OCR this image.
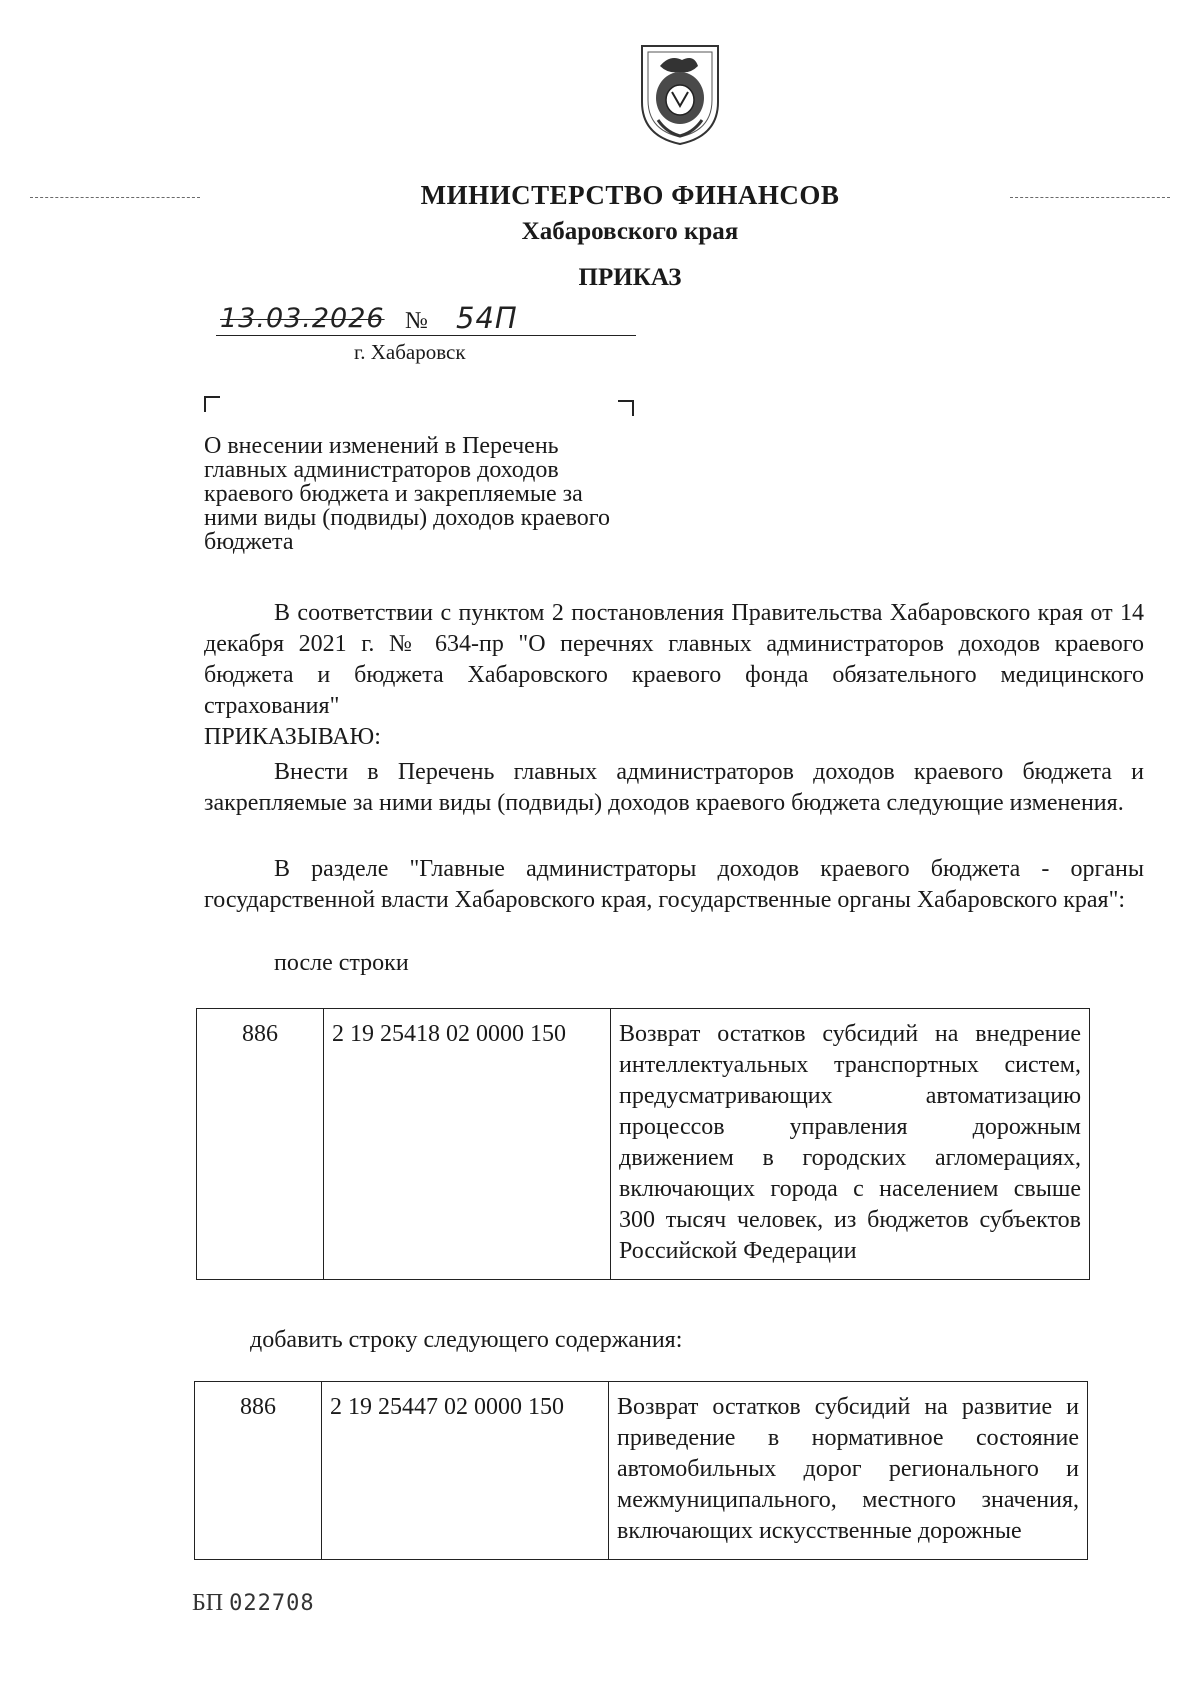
МИНИСТЕРСТВО ФИНАНСОВ
Хабаровского края
ПРИКАЗ
13.03.2026 № 54П
г. Хабаровск
О внесении изменений в Перечень главных администраторов доходов краевого бюджета и закрепляемые за ними виды (подвиды) доходов краевого бюджета
В соответствии с пунктом 2 постановления Правительства Хабаровского края от 14 декабря 2021 г. № 634-пр "О перечнях главных администраторов доходов краевого бюджета и бюджета Хабаровского краевого фонда обязательного медицинского страхования"
ПРИКАЗЫВАЮ:
Внести в Перечень главных администраторов доходов краевого бюджета и закрепляемые за ними виды (подвиды) доходов краевого бюджета следующие изменения.
В разделе "Главные администраторы доходов краевого бюджета - органы государственной власти Хабаровского края, государственные органы Хабаровского края":
после строки
886	2 19 25418 02 0000 150	Возврат остатков субсидий на внедрение интеллектуальных транспортных систем, предусматривающих автоматизацию процессов управления дорожным движением в городских агломерациях, включающих города с населением свыше 300 тысяч человек, из бюджетов субъектов Российской Федерации
добавить строку следующего содержания:
886	2 19 25447 02 0000 150	Возврат остатков субсидий на развитие и приведение в нормативное состояние автомобильных дорог регионального и межмуниципального, местного значения, включающих искусственные дорожные
БП 022708
